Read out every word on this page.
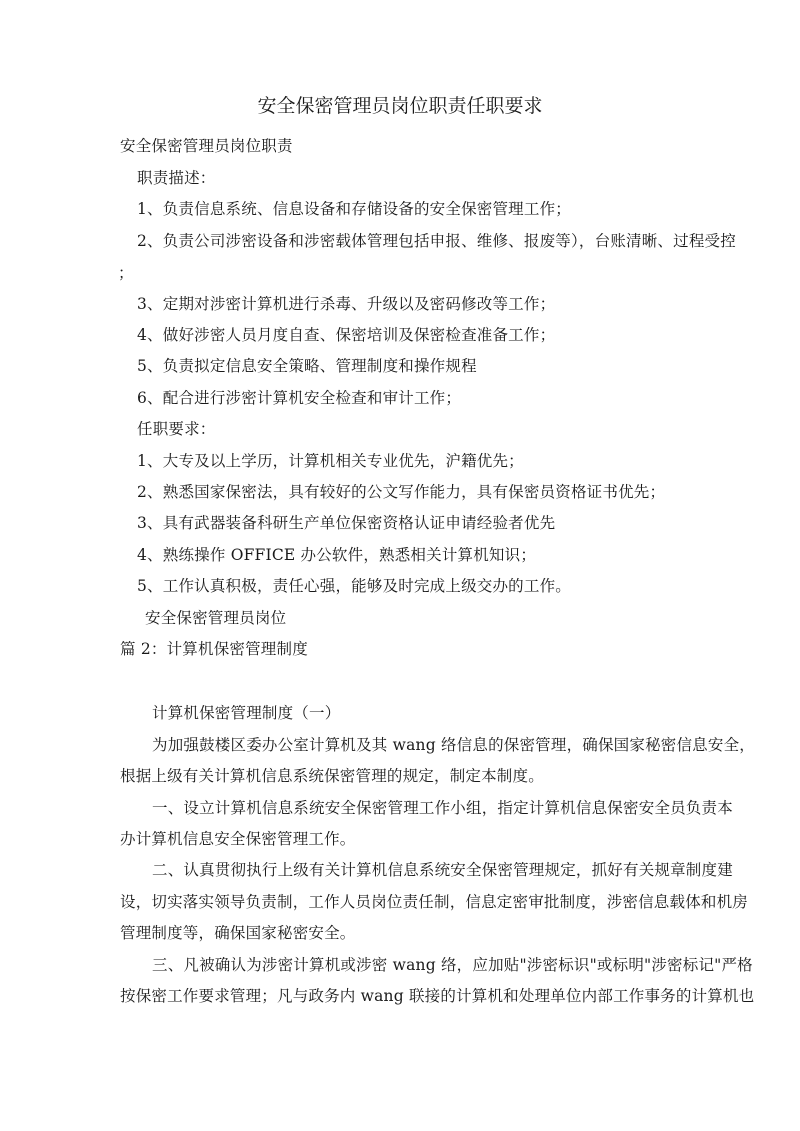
安全保密管理员岗位职责任职要求
安全保密管理员岗位职责
职责描述：
1、负责信息系统、信息设备和存储设备的安全保密管理工作；
2、负责公司涉密设备和涉密载体管理包括申报、维修、报废等），台账清晰、过程受控
；
3、定期对涉密计算机进行杀毒、升级以及密码修改等工作；
4、做好涉密人员月度自查、保密培训及保密检查准备工作；
5、负责拟定信息安全策略、管理制度和操作规程
6、配合进行涉密计算机安全检查和审计工作；
任职要求：
1、大专及以上学历，计算机相关专业优先，沪籍优先；
2、熟悉国家保密法，具有较好的公文写作能力，具有保密员资格证书优先；
3、具有武器装备科研生产单位保密资格认证申请经验者优先
4、熟练操作 OFFICE 办公软件，熟悉相关计算机知识；
5、工作认真积极，责任心强，能够及时完成上级交办的工作。
安全保密管理员岗位
篇 2：计算机保密管理制度
计算机保密管理制度（一）
为加强鼓楼区委办公室计算机及其 wang 络信息的保密管理，确保国家秘密信息安全，
根据上级有关计算机信息系统保密管理的规定，制定本制度。
一、设立计算机信息系统安全保密管理工作小组，指定计算机信息保密安全员负责本
办计算机信息安全保密管理工作。
二、认真贯彻执行上级有关计算机信息系统安全保密管理规定，抓好有关规章制度建
设，切实落实领导负责制，工作人员岗位责任制，信息定密审批制度，涉密信息载体和机房
管理制度等，确保国家秘密安全。
三、凡被确认为涉密计算机或涉密 wang 络，应加贴"涉密标识"或标明"涉密标记"严格
按保密工作要求管理；凡与政务内 wang 联接的计算机和处理单位内部工作事务的计算机也
